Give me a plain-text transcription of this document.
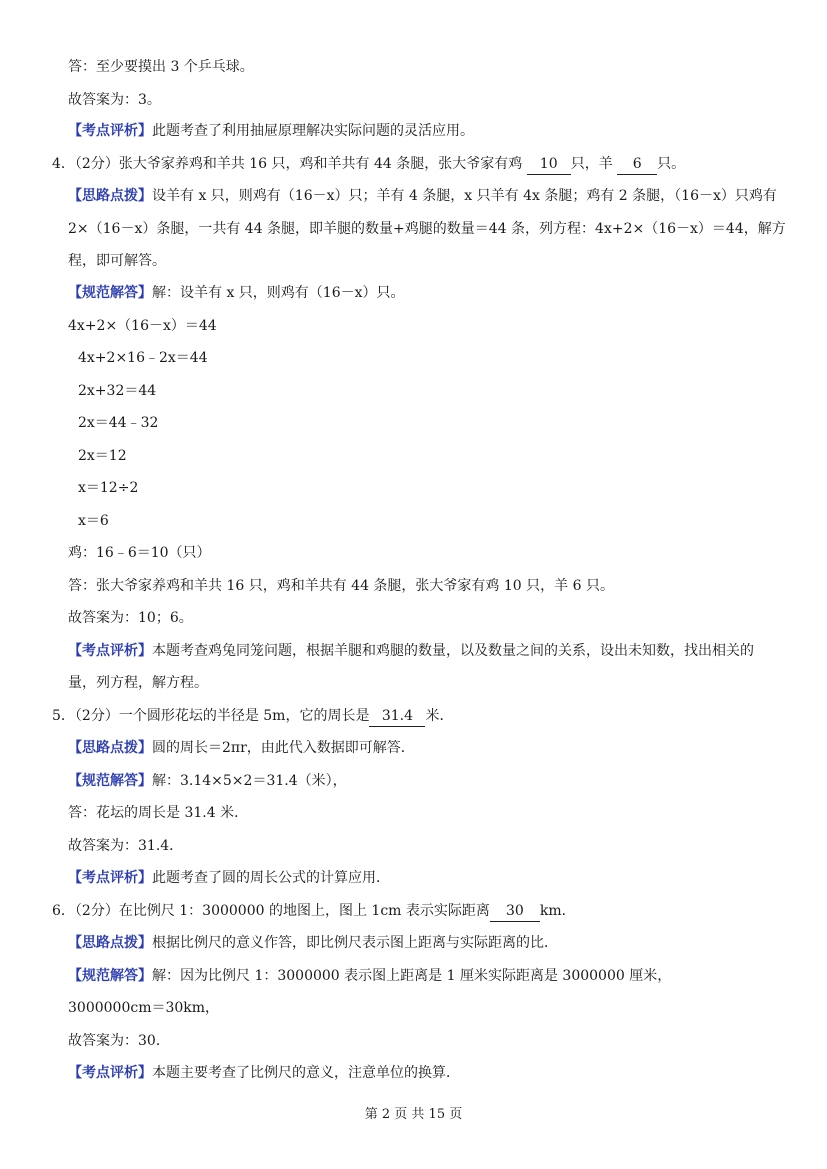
答：至少要摸出 3 个乒乓球。
故答案为：3。
【考点评析】此题考查了利用抽屉原理解决实际问题的灵活应用。
4．（2分）张大爷家养鸡和羊共 16 只，鸡和羊共有 44 条腿，张大爷家有鸡 10 只，羊 6 只。
【思路点拨】设羊有 x 只，则鸡有（16－x）只；羊有 4 条腿，x 只羊有 4x 条腿；鸡有 2 条腿，（16－x）只鸡有
2×（16－x）条腿，一共有 44 条腿，即羊腿的数量+鸡腿的数量＝44 条，列方程：4x+2×（16－x）＝44，解方
程，即可解答。
【规范解答】解：设羊有 x 只，则鸡有（16－x）只。
4x+2×（16－x）＝44
4x+2×16﹣2x＝44
2x+32＝44
2x＝44﹣32
2x＝12
x＝12÷2
x＝6
鸡：16﹣6＝10（只）
答：张大爷家养鸡和羊共 16 只，鸡和羊共有 44 条腿，张大爷家有鸡 10 只，羊 6 只。
故答案为：10；6。
【考点评析】本题考查鸡兔同笼问题，根据羊腿和鸡腿的数量，以及数量之间的关系，设出未知数，找出相关的
量，列方程，解方程。
5．（2分）一个圆形花坛的半径是 5m，它的周长是 31.4 米．
【思路点拨】圆的周长＝2πr，由此代入数据即可解答．
【规范解答】解：3.14×5×2＝31.4（米），
答：花坛的周长是 31.4 米．
故答案为：31.4．
【考点评析】此题考查了圆的周长公式的计算应用．
6．（2分）在比例尺 1：3000000 的地图上，图上 1cm 表示实际距离 30 km．
【思路点拨】根据比例尺的意义作答，即比例尺表示图上距离与实际距离的比．
【规范解答】解：因为比例尺 1：3000000 表示图上距离是 1 厘米实际距离是 3000000 厘米，
3000000cm＝30km，
故答案为：30．
【考点评析】本题主要考查了比例尺的意义，注意单位的换算．
第 2 页 共 15 页
